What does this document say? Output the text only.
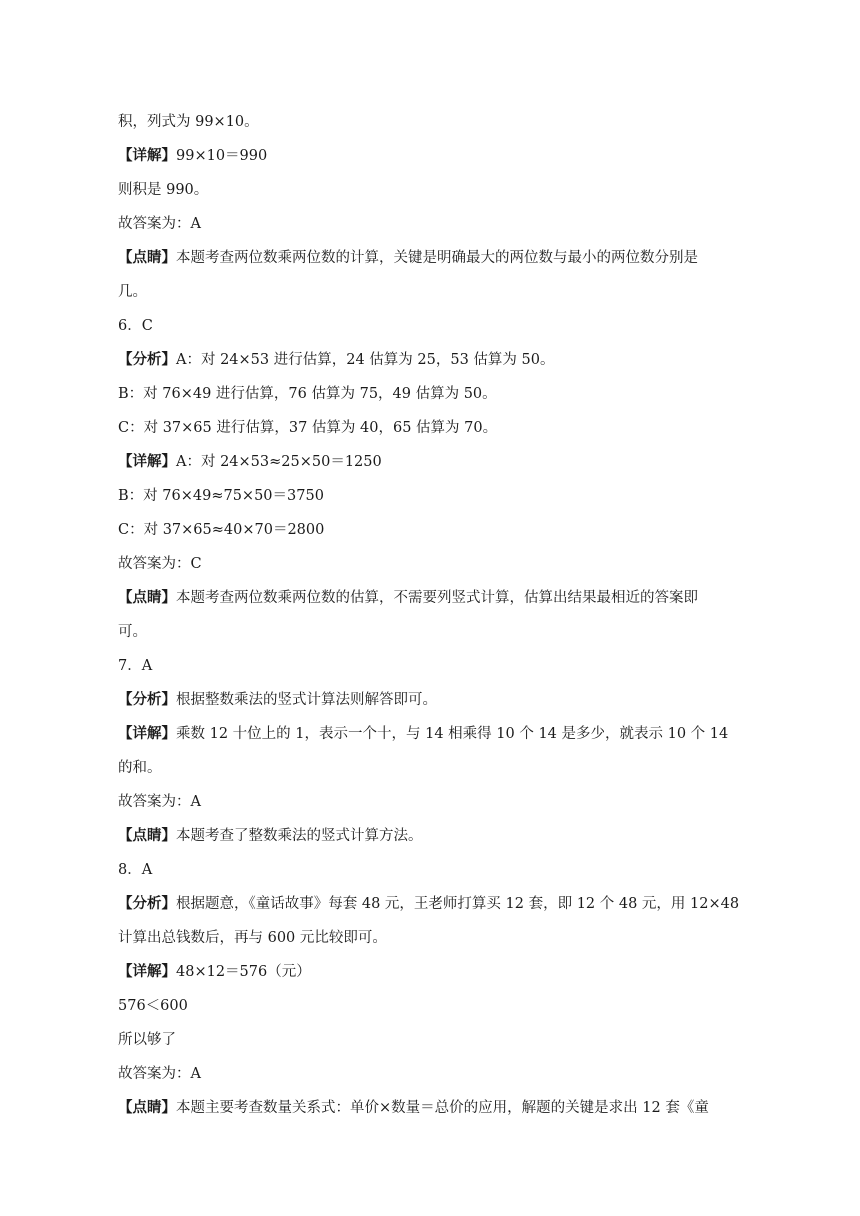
积，列式为 99×10。
【详解】99×10＝990
则积是 990。
故答案为：A
【点睛】本题考查两位数乘两位数的计算，关键是明确最大的两位数与最小的两位数分别是
几。
6．C
【分析】A：对 24×53 进行估算，24 估算为 25，53 估算为 50。
B：对 76×49 进行估算，76 估算为 75，49 估算为 50。
C：对 37×65 进行估算，37 估算为 40，65 估算为 70。
【详解】A：对 24×53≈25×50＝1250
B：对 76×49≈75×50＝3750
C：对 37×65≈40×70＝2800
故答案为：C
【点睛】本题考查两位数乘两位数的估算，不需要列竖式计算，估算出结果最相近的答案即
可。
7．A
【分析】根据整数乘法的竖式计算法则解答即可。
【详解】乘数 12 十位上的 1，表示一个十，与 14 相乘得 10 个 14 是多少，就表示 10 个 14
的和。
故答案为：A
【点睛】本题考查了整数乘法的竖式计算方法。
8．A
【分析】根据题意，《童话故事》每套 48 元，王老师打算买 12 套，即 12 个 48 元，用 12×48
计算出总钱数后，再与 600 元比较即可。
【详解】48×12＝576（元）
576＜600
所以够了
故答案为：A
【点睛】本题主要考查数量关系式：单价×数量＝总价的应用，解题的关键是求出 12 套《童
